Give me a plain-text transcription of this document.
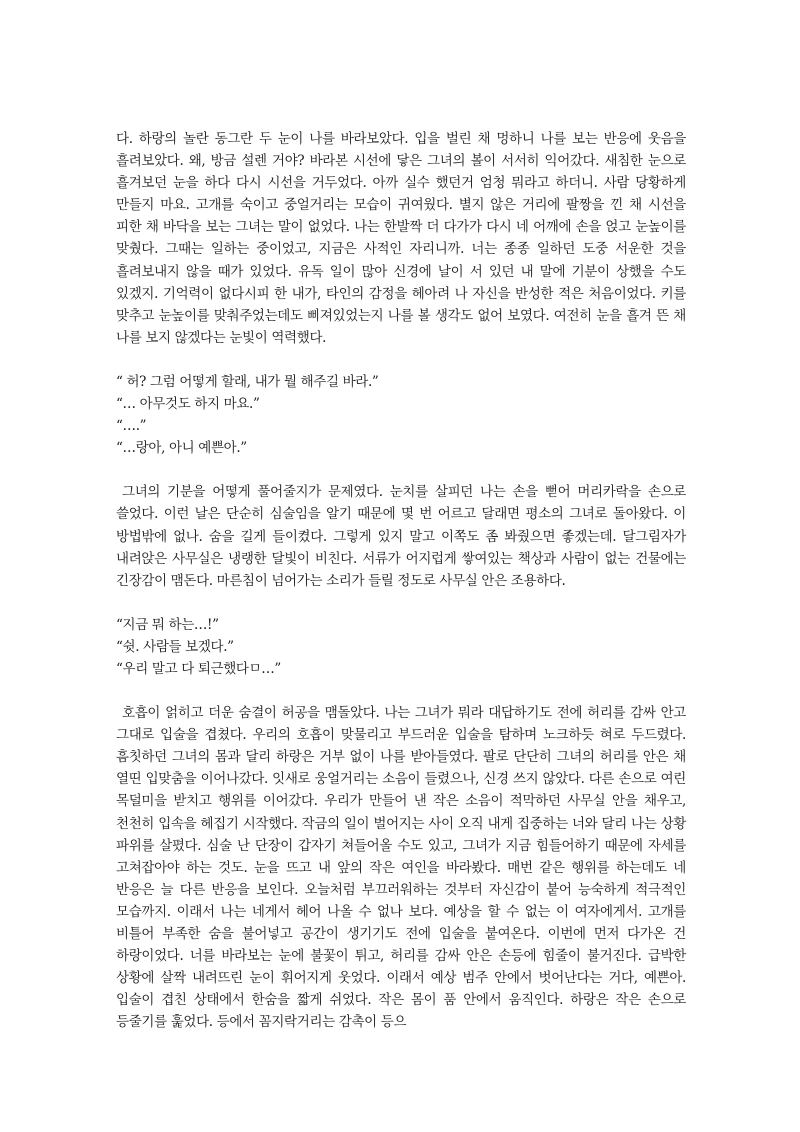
다. 하랑의 놀란 동그란 두 눈이 나를 바라보았다. 입을 벌린 채 멍하니 나를 보는 반응에 웃음을 흘려보았다. 왜, 방금 설렌 거야? 바라본 시선에 닿은 그녀의 볼이 서서히 익어갔다. 새침한 눈으로 흘겨보던 눈을 하다 다시 시선을 거두었다. 아까 실수 했던거 엄청 뭐라고 하더니. 사람 당황하게 만들지 마요. 고개를 숙이고 중얼거리는 모습이 귀여웠다. 별지 않은 거리에 팔짱을 낀 채 시선을 피한 채 바닥을 보는 그녀는 말이 없었다. 나는 한발짝 더 다가가 다시 네 어깨에 손을 얹고 눈높이를 맞췄다. 그때는 일하는 중이었고, 지금은 사적인 자리니까. 너는 종종 일하던 도중 서운한 것을 흘려보내지 않을 때가 있었다. 유독 일이 많아 신경에 날이 서 있던 내 말에 기분이 상했을 수도 있겠지. 기억력이 없다시피 한 내가, 타인의 감정을 헤아려 나 자신을 반성한 적은 처음이었다. 키를 맞추고 눈높이를 맞춰주었는데도 삐져있었는지 나를 볼 생각도 없어 보였다. 여전히 눈을 흘겨 뜬 채 나를 보지 않겠다는 눈빛이 역력했다.

“ 허? 그럼 어떻게 할래, 내가 뭘 해주길 바라.”

“… 아무것도 하지 마요.”

“….”

“…랑아, 아니 예쁜아.”

그녀의 기분을 어떻게 풀어줄지가 문제였다. 눈치를 살피던 나는 손을 뻗어 머리카락을 손으로 쓸었다. 이런 날은 단순히 심술임을 알기 때문에 몇 번 어르고 달래면 평소의 그녀로 돌아왔다. 이 방법밖에 없나. 숨을 길게 들이켰다. 그렇게 있지 말고 이쪽도 좀 봐줬으면 좋겠는데. 달그림자가 내려앉은 사무실은 냉랭한 달빛이 비친다. 서류가 어지럽게 쌓여있는 책상과 사람이 없는 건물에는 긴장감이 맴돈다. 마른침이 넘어가는 소리가 들릴 정도로 사무실 안은 조용하다.

“지금 뭐 하는…!”

“쉿. 사람들 보겠다.”

“우리 말고 다 퇴근했다ㅁ…”

호흡이 얽히고 더운 숨결이 허공을 맴돌았다. 나는 그녀가 뭐라 대답하기도 전에 허리를 감싸 안고 그대로 입술을 겹쳤다. 우리의 호흡이 맞물리고 부드러운 입술을 탐하며 노크하듯 혀로 두드렸다. 흠칫하던 그녀의 몸과 달리 하랑은 거부 없이 나를 받아들였다. 팔로 단단히 그녀의 허리를 안은 채 열띤 입맞춤을 이어나갔다. 잇새로 웅얼거리는 소음이 들렸으나, 신경 쓰지 않았다. 다른 손으로 여린 목덜미을 받치고 행위를 이어갔다. 우리가 만들어 낸 작은 소음이 적막하던 사무실 안을 채우고, 천천히 입속을 헤집기 시작했다. 작금의 일이 벌어지는 사이 오직 내게 집중하는 너와 달리 나는 상황 파위를 살폈다. 심술 난 단장이 갑자기 쳐들어올 수도 있고, 그녀가 지금 힘들어하기 때문에 자세를 고쳐잡아야 하는 것도. 눈을 뜨고 내 앞의 작은 여인을 바라봤다. 매번 같은 행위를 하는데도 네 반응은 늘 다른 반응을 보인다. 오늘처럼 부끄러워하는 것부터 자신감이 붙어 능숙하게 적극적인 모습까지. 이래서 나는 네게서 헤어 나올 수 없나 보다. 예상을 할 수 없는 이 여자에게서. 고개를 비틀어 부족한 숨을 불어넣고 공간이 생기기도 전에 입술을 붙여온다. 이번에 먼저 다가온 건 하랑이었다. 너를 바라보는 눈에 불꽃이 튀고, 허리를 감싸 안은 손등에 힘줄이 불거진다. 급박한 상황에 살짝 내려뜨린 눈이 휘어지게 웃었다. 이래서 예상 범주 안에서 벗어난다는 거다, 예쁜아. 입술이 겹친 상태에서 한숨을 짧게 쉬었다. 작은 몸이 품 안에서 움직인다. 하랑은 작은 손으로 등줄기를 훑었다. 등에서 꼼지락거리는 감촉이 등으
